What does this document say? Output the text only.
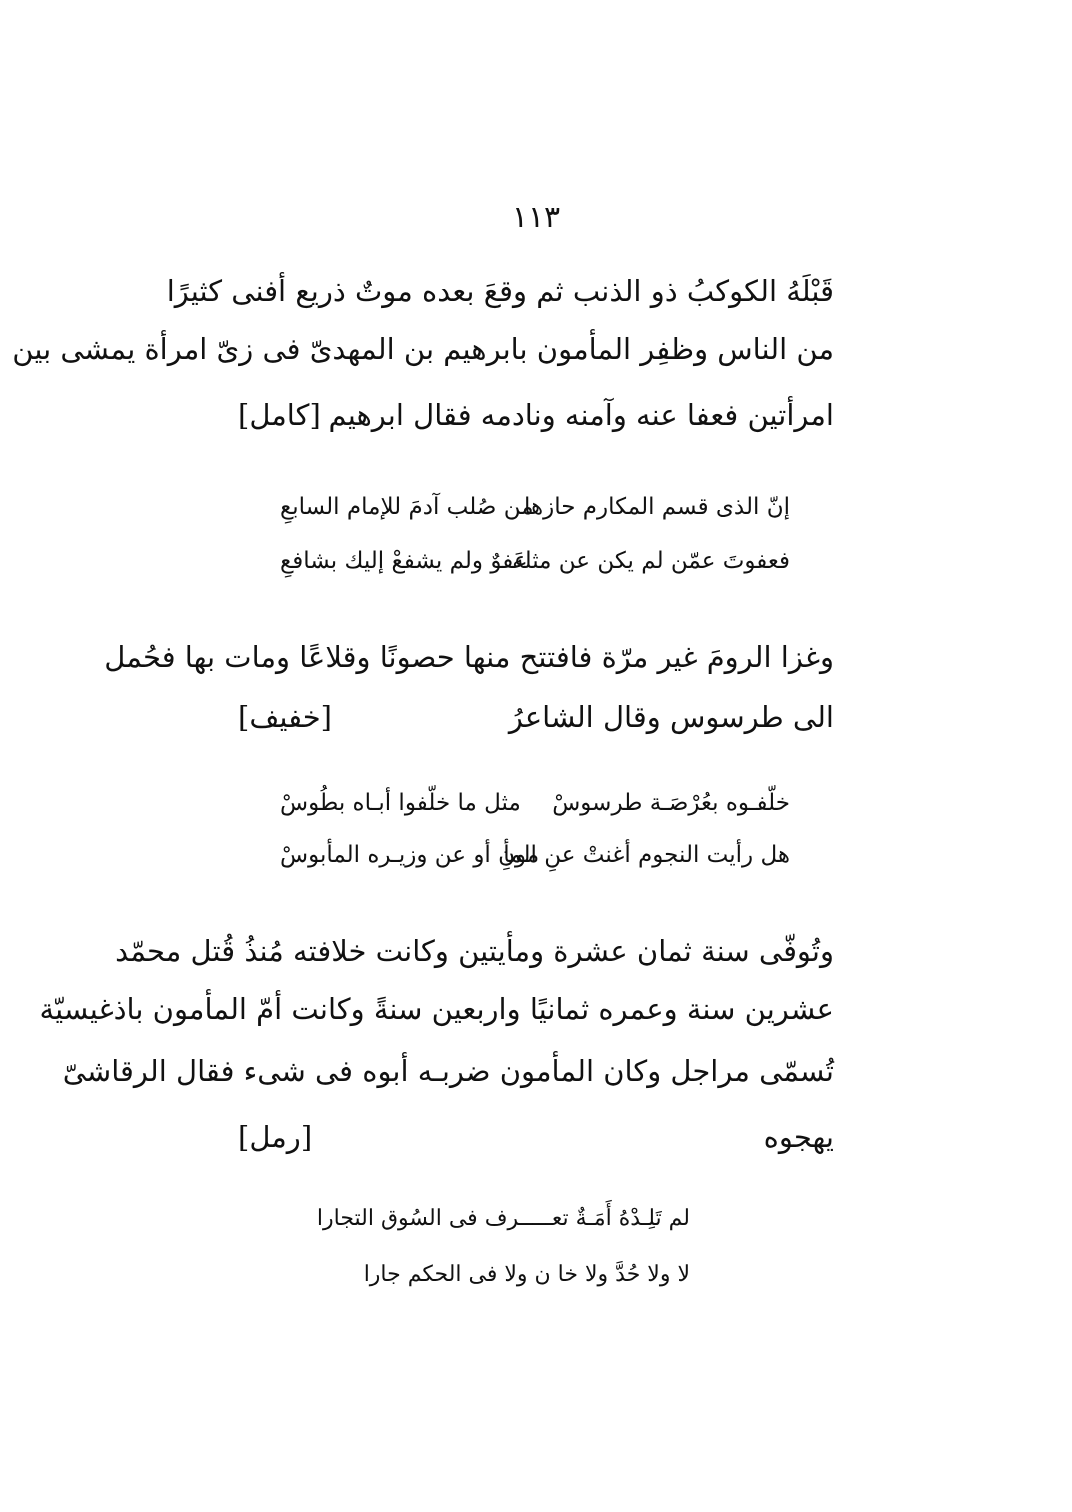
١١٣
قَبْلَهُ الكوكبُ ذو الذنب ثم وقعَ بعده موتٌ ذريع أفنى كثيرًا
من الناس وظفِر المأمون بابرهيم بن المهدىّ فى زىّ امرأة يمشى بين
امرأتين فعفا عنه وآمنه ونادمه فقال ابرهيم
[كامل]
إنّ الذى قسم المكارم حازها
من صُلب آدمَ للإمام السابعِ
فعفوتَ عمّن لم يكن عن مثله
عَفوٌ ولم يشفعْ إليك بشافعِ
وغزا الرومَ غير مرّة فافتتح منها حصونًا وقلاعًا ومات بها فحُمل
الى طرسوس وقال الشاعرُ
[خفيف]
خلّفـوه بعُرْصَـة طرسوسْ
مثل ما خلّفوا أبـاه بطُوسْ
هل رأيت النجوم أغنتْ عنِ المأ
مونِ أو عن وزيـره المأبوسْ
وتُوفّى سنة ثمان عشرة ومأيتين وكانت خلافته مُنذُ قُتل محمّد
عشرين سنة وعمره ثمانيًا واربعين سنةً وكانت أمّ المأمون باذغيسيّة
تُسمّى مراجل وكان المأمون ضربـه أبوه فى شىء فقال الرقاشىّ
يهجوه
[رمل]
لم تَلِـدْهُ أَمَـةٌ تعـــــرف فى السُوق التجارا
لا ولا حُدَّ ولا خا ن ولا فى الحكم جارا
